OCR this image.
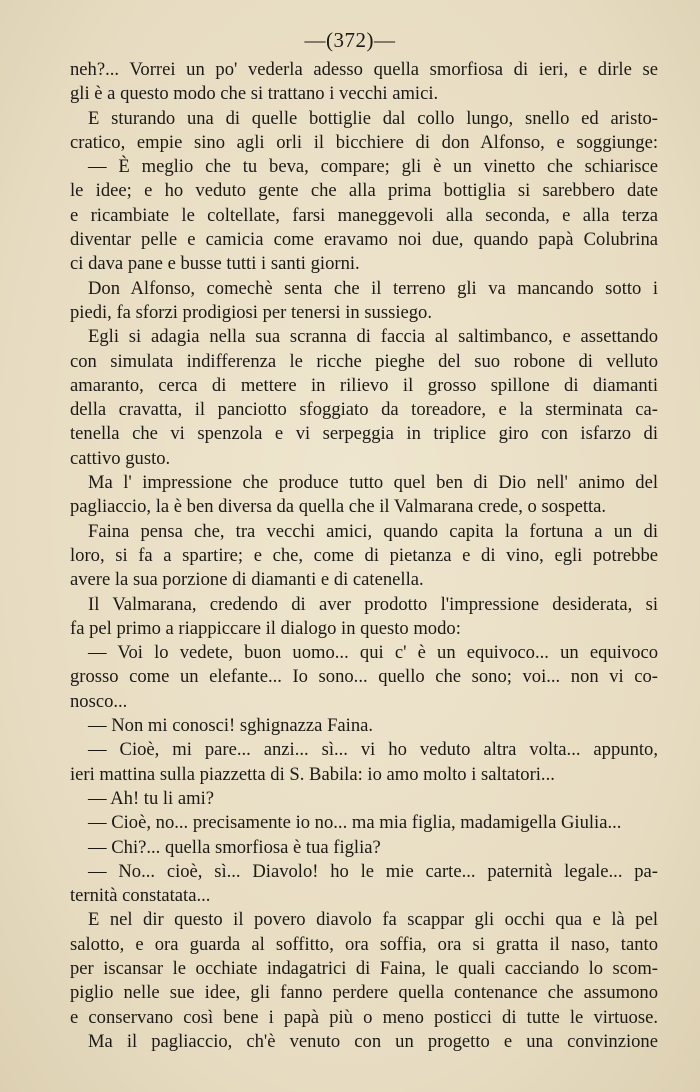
—(372)—
neh?... Vorrei un po' vederla adesso quella smorfiosa di ieri, e dirle se
gli è a questo modo che si trattano i vecchi amici.
E sturando una di quelle bottiglie dal collo lungo, snello ed aristo-
cratico, empie sino agli orli il bicchiere di don Alfonso, e soggiunge:
— È meglio che tu beva, compare; gli è un vinetto che schiarisce
le idee; e ho veduto gente che alla prima bottiglia si sarebbero date
e ricambiate le coltellate, farsi maneggevoli alla seconda, e alla terza
diventar pelle e camicia come eravamo noi due, quando papà Colubrina
ci dava pane e busse tutti i santi giorni.
Don Alfonso, comechè senta che il terreno gli va mancando sotto i
piedi, fa sforzi prodigiosi per tenersi in sussiego.
Egli si adagia nella sua scranna di faccia al saltimbanco, e assettando
con simulata indifferenza le ricche pieghe del suo robone di velluto
amaranto, cerca di mettere in rilievo il grosso spillone di diamanti
della cravatta, il panciotto sfoggiato da toreadore, e la sterminata ca-
tenella che vi spenzola e vi serpeggia in triplice giro con isfarzo di
cattivo gusto.
Ma l' impressione che produce tutto quel ben di Dio nell' animo del
pagliaccio, la è ben diversa da quella che il Valmarana crede, o sospetta.
Faina pensa che, tra vecchi amici, quando capita la fortuna a un di
loro, si fa a spartire; e che, come di pietanza e di vino, egli potrebbe
avere la sua porzione di diamanti e di catenella.
Il Valmarana, credendo di aver prodotto l'impressione desiderata, si
fa pel primo a riappiccare il dialogo in questo modo:
— Voi lo vedete, buon uomo... qui c' è un equivoco... un equivoco
grosso come un elefante... Io sono... quello che sono; voi... non vi co-
nosco...
— Non mi conosci! sghignazza Faina.
— Cioè, mi pare... anzi... sì... vi ho veduto altra volta... appunto,
ieri mattina sulla piazzetta di S. Babila: io amo molto i saltatori...
— Ah! tu li ami?
— Cioè, no... precisamente io no... ma mia figlia, madamigella Giulia...
— Chi?... quella smorfiosa è tua figlia?
— No... cioè, sì... Diavolo! ho le mie carte... paternità legale... pa-
ternità constatata...
E nel dir questo il povero diavolo fa scappar gli occhi qua e là pel
salotto, e ora guarda al soffitto, ora soffia, ora si gratta il naso, tanto
per iscansar le occhiate indagatrici di Faina, le quali cacciando lo scom-
piglio nelle sue idee, gli fanno perdere quella contenance che assumono
e conservano così bene i papà più o meno posticci di tutte le virtuose.
Ma il pagliaccio, ch'è venuto con un progetto e una convinzione
